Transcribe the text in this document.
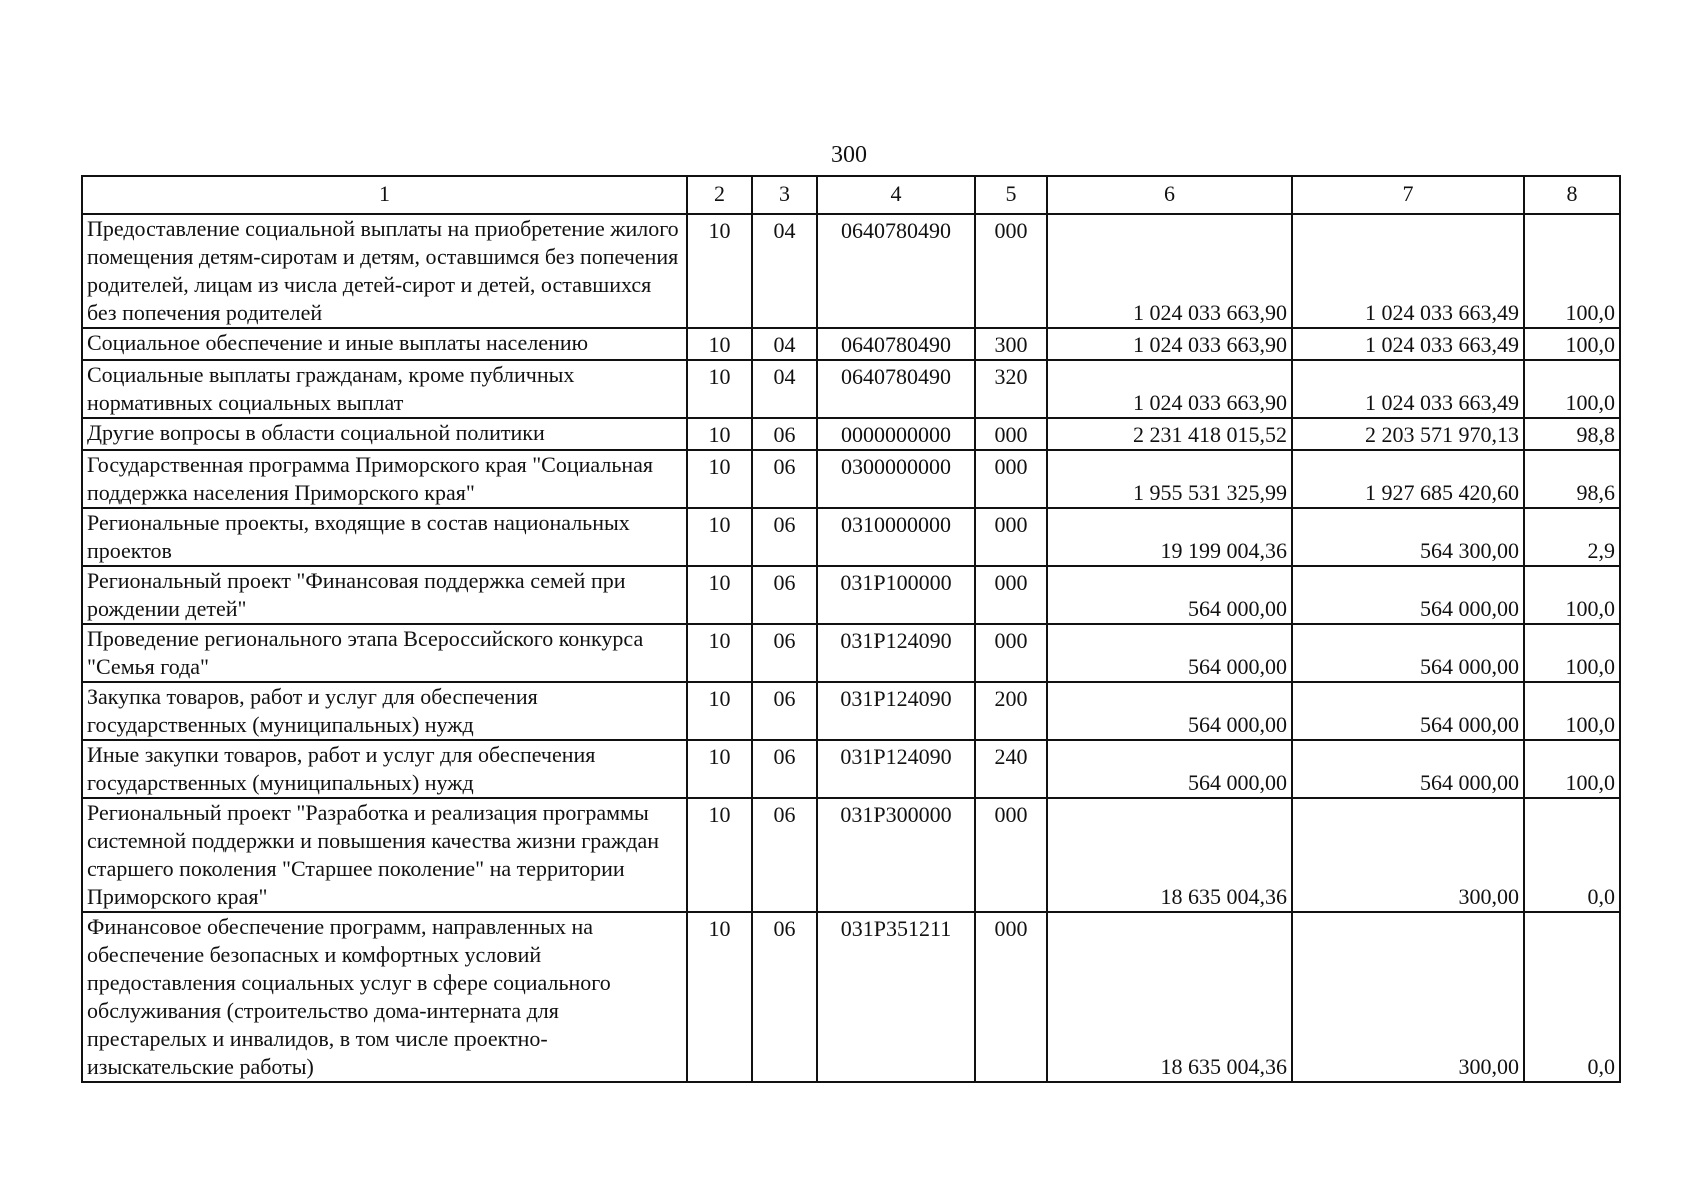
300
1	2	3	4	5	6	7	8
Предоставление социальной выплаты на приобретение жилого помещения детям-сиротам и детям, оставшимся без попечения родителей, лицам из числа детей-сирот и детей, оставшихся без попечения родителей	10	04	0640780490	000	1 024 033 663,90	1 024 033 663,49	100,0
Социальное обеспечение и иные выплаты населению	10	04	0640780490	300	1 024 033 663,90	1 024 033 663,49	100,0
Социальные выплаты гражданам, кроме публичных нормативных социальных выплат	10	04	0640780490	320	1 024 033 663,90	1 024 033 663,49	100,0
Другие вопросы в области социальной политики	10	06	0000000000	000	2 231 418 015,52	2 203 571 970,13	98,8
Государственная программа Приморского края "Социальная поддержка населения Приморского края"	10	06	0300000000	000	1 955 531 325,99	1 927 685 420,60	98,6
Региональные проекты, входящие в состав национальных проектов	10	06	0310000000	000	19 199 004,36	564 300,00	2,9
Региональный проект "Финансовая поддержка семей при рождении детей"	10	06	031P100000	000	564 000,00	564 000,00	100,0
Проведение регионального этапа Всероссийского конкурса "Семья года"	10	06	031P124090	000	564 000,00	564 000,00	100,0
Закупка товаров, работ и услуг для обеспечения государственных (муниципальных) нужд	10	06	031P124090	200	564 000,00	564 000,00	100,0
Иные закупки товаров, работ и услуг для обеспечения государственных (муниципальных) нужд	10	06	031P124090	240	564 000,00	564 000,00	100,0
Региональный проект "Разработка и реализация программы системной поддержки и повышения качества жизни граждан старшего поколения "Старшее поколение" на территории Приморского края"	10	06	031P300000	000	18 635 004,36	300,00	0,0
Финансовое обеспечение программ, направленных на обеспечение безопасных и комфортных условий предоставления социальных услуг в сфере социального обслуживания (строительство дома-интерната для престарелых и инвалидов, в том числе проектно-изыскательские работы)	10	06	031P351211	000	18 635 004,36	300,00	0,0
